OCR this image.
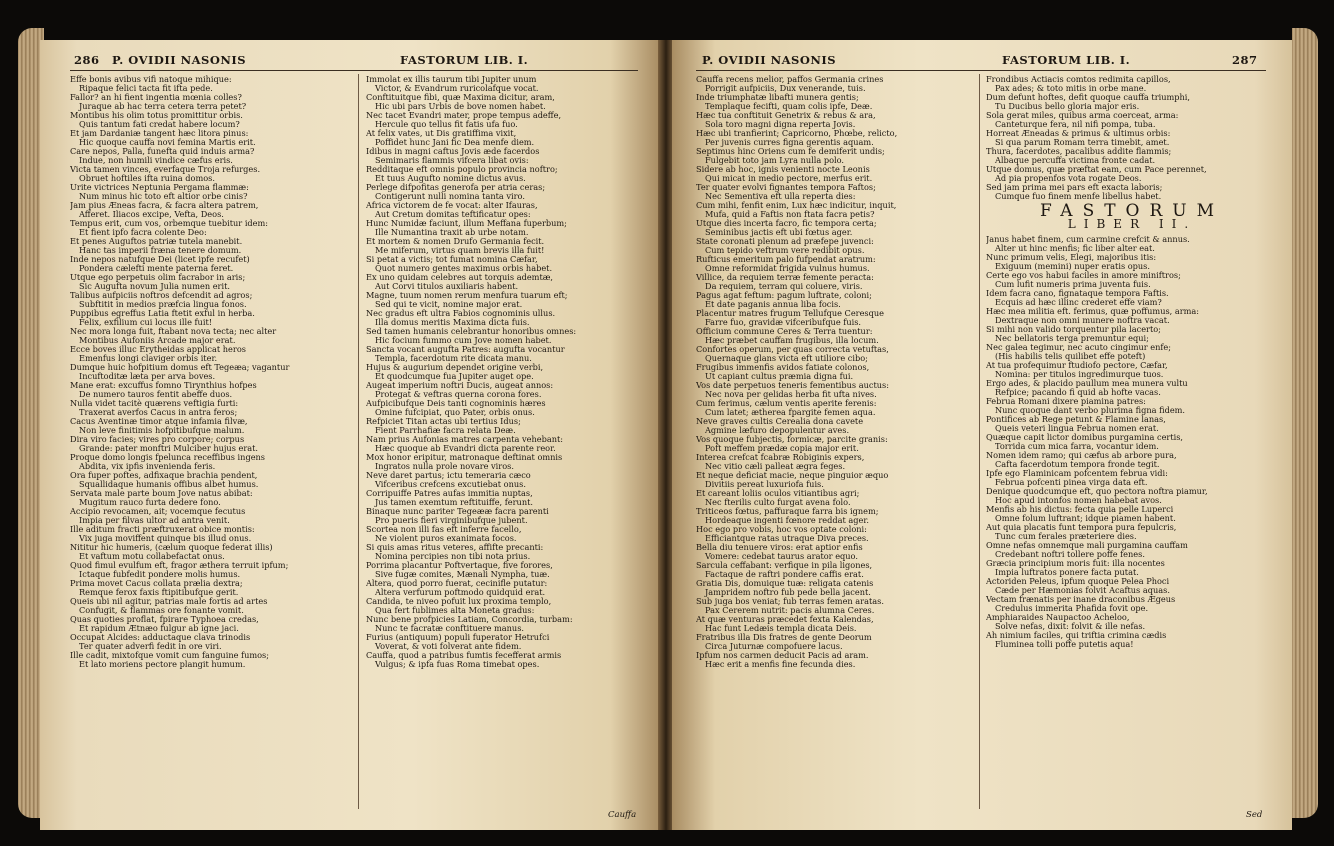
286 P. OVIDII NASONIS	FASTORUM LIB. I.
Effe bonis avibus vifi natoque mihique:
Ripaque felici tacta fit ifta pede.
Fallor? an hi fient ingentia mœnia colles?
Juraque ab hac terra cetera terra petet?
Montibus his olim totus promittitur orbis.
Quis tantum fati credat habere locum?
Et jam Dardaniæ tangent hæc litora pinus:
Hic quoque cauffa novi femina Martis erit.
Care nepos, Palla, funefta quid induis arma?
Indue, non humili vindice cæfus eris.
Victa tamen vinces, everfaque Troja refurges.
Obruet hoftiles ifta ruina domos.
Urite victrices Neptunia Pergama flammæ:
Num minus hic toto eft altior orbe cinis?
Jam pius Æneas facra, & facra altera patrem,
Afferet. Iliacos excipe, Vefta, Deos.
Tempus erit, cum vos, orbemque tuebitur idem:
Et fient ipfo facra colente Deo:
Et penes Auguftos patriæ tutela manebit.
Hanc tas imperii fræna tenere domum.
Inde nepos natufque Dei (licet ipfe recufet)
Pondera cælefti mente paterna feret.
Utque ego perpetuis olim facrabor in aris;
Sic Augufta novum Julia numen erit.
Talibus aufpiciis noftros defcendit ad agros;
Subftitit in medios præfcia lingua fonos.
Puppibus egreffus Latia ftetit exful in herba.
Felix, exfilium cui locus ille fuit!
Nec mora longa fuit, ftabant nova tecta; nec alter
Montibus Aufoniis Arcade major erat.
Ecce boves illuc Erytheidas applicat heros
Emenfus longi claviger orbis iter.
Dumque huic hofpitium domus eft Tegeæa; vagantur
Incuftoditæ læta per arva boves.
Mane erat: excuffus fomno Tirynthius hofpes
De numero tauros fentit abeffe duos.
Nulla videt tacitè quærens veftigia furti:
Traxerat averfos Cacus in antra feros;
Cacus Aventinæ timor atque infamia filvæ,
Non leve finitimis hofpitibufque malum.
Dira viro facies; vires pro corpore; corpus
Grande: pater monftri Mulciber hujus erat.
Proque domo longis fpelunca receffibus ingens
Abdita, vix ipfis invenienda feris.
Ora fuper poftes, adfixaque brachia pendent,
Squallidaque humanis offibus albet humus.
Servata male parte boum Jove natus abibat:
Mugitum rauco furta dedere fono.
Accipio revocamen, ait; vocemque fecutus
Impia per filvas ultor ad antra venit.
Ille aditum fracti præftruxerat obice montis:
Vix juga moviffent quinque bis illud onus.
Nititur hic humeris, (cælum quoque federat illis)
Et vaftum motu collabefactat onus.
Quod fimul evulfum eft, fragor æthera terruit ipfum;
Ictaque fubfedit pondere molis humus.
Prima movet Cacus collata prælia dextra;
Remque ferox faxis ftipitibufque gerit.
Queis ubi nil agitur, patrias male fortis ad artes
Confugit, & flammas ore fonante vomit.
Quas quoties proflat, fpirare Typhoea credas,
Et rapidum Ætnæo fulgur ab igne jaci.
Occupat Alcides: adductaque clava trinodis
Ter quater adverfi fedit in ore viri.
Ille cadit, mixtofque vomit cum fanguine fumos;
Et lato moriens pectore plangit humum.
Immolat ex illis taurum tibi Jupiter unum
Victor, & Evandrum ruricolafque vocat.
Conftituitque fibi, quæ Maxima dicitur, aram,
Hic ubi pars Urbis de bove nomen habet.
Nec tacet Evandri mater, prope tempus adeffe,
Hercule quo tellus fit fatis ufa fuo.
At felix vates, ut Dis gratiffima vixit,
Poffidet hunc Jani fic Dea menfe diem.
Idibus in magni caftus Jovis æde facerdos
Semimaris flammis vifcera libat ovis:
Redditaque eft omnis populo provincia noftro;
Et tuus Augufto nomine dictus avus.
Perlege difpofitas generofa per atria ceras;
Contigerunt nulli nomina tanta viro.
Africa victorem de fe vocat: alter Ifauras,
Aut Cretum domitas teftificatur opes:
Hunc Numidæ faciunt, illum Meffana fuperbum;
Ille Numantina traxit ab urbe notam.
Et mortem & nomen Drufo Germania fecit.
Me miferum, virtus quam brevis illa fuit!
Si petat a victis; tot fumat nomina Cæfar,
Quot numero gentes maximus orbis habet.
Ex uno quidam celebres aut torquis ademtæ,
Aut Corvi titulos auxiliaris habent.
Magne, tuum nomen rerum menfura tuarum eft;
Sed qui te vicit, nomine major erat.
Nec gradus eft ultra Fabios cognominis ullus.
Illa domus meritis Maxima dicta fuis.
Sed tamen humanis celebrantur honoribus omnes:
Hic focium fummo cum Jove nomen habet.
Sancta vocant augufta Patres: augufta vocantur
Templa, facerdotum rite dicata manu.
Hujus & augurium dependet origine verbi,
Et quodcumque fua Jupiter auget ope.
Augeat imperium noftri Ducis, augeat annos:
Protegat & veftras querna corona fores.
Aufpicibufque Deis tanti cognominis hæres
Omine fufcipiat, quo Pater, orbis onus.
Refpiciet Titan actas ubi tertius Idus;
Fient Parrhafiæ facra relata Deæ.
Nam prius Aufonias matres carpenta vehebant:
Hæc quoque ab Evandri dicta parente reor.
Mox honor eripitur, matronaque deftinat omnis
Ingratos nulla prole novare viros.
Neve daret partus; ictu temeraria cæco
Vifceribus crefcens excutiebat onus.
Corripuiffe Patres aufas immitia nuptas,
Jus tamen exemtum reftituiffe, ferunt.
Binaque nunc pariter Tegeææ facra parenti
Pro pueris fieri virginibufque jubent.
Scortea non illi fas eft inferre facello,
Ne violent puros exanimata focos.
Si quis amas ritus veteres, affifte precanti:
Nomina percipies non tibi nota prius.
Porrima placantur Poftvertaque, five forores,
Sive fugæ comites, Mænali Nympha, tuæ.
Altera, quod porro fuerat, cecinifle putatur:
Altera verfurum poftmodo quidquid erat.
Candida, te niveo pofuit lux proxima templo,
Qua fert fublimes alta Moneta gradus:
Nunc bene profpicies Latiam, Concordia, turbam:
Nunc te facratæ conftituere manus.
Furius (antiquum) populi fuperator Hetrufci
Voverat, & voti folverat ante fidem.
Cauffa, quod a patribus fumtis fecefferat armis
Vulgus; & ipfa fuas Roma timebat opes.
Cauffa
P. OVIDII NASONIS	FASTORUM LIB. I.	287
Cauffa recens melior, paffos Germania crines
Porrigit aufpiciis, Dux venerande, tuis.
Inde triumphatæ libafti munera gentis;
Templaque fecifti, quam colis ipfe, Deæ.
Hæc tua conftituit Genetrix & rebus & ara,
Sola toro magni digna reperta Jovis.
Hæc ubi tranfierint; Capricorno, Phœbe, relicto,
Per juvenis curres figna gerentis aquam.
Septimus hinc Oriens cum fe demiferit undis;
Fulgebit toto jam Lyra nulla polo.
Sidere ab hoc, ignis venienti nocte Leonis
Qui micat in medio pectore, merfus erit.
Ter quater evolvi fignantes tempora Faftos;
Nec Sementiva eft ulla reperta dies:
Cum mihi, fenfit enim, Lux hæc indicitur, inquit,
Mufa, quid a Faftis non ftata facra petis?
Utque dies incerta facro, fic tempora certa;
Seminibus jactis eft ubi fœtus ager.
State coronati plenum ad præfepe juvenci:
Cum tepido veftrum vere redibit opus.
Rufticus emeritum palo fufpendat aratrum:
Omne reformidat frigida vulnus humus.
Villice, da requiem terræ femente peracta:
Da requiem, terram qui coluere, viris.
Pagus agat feftum: pagum luftrate, coloni;
Et date paganis annua liba focis.
Placentur matres frugum Tellufque Ceresque
Farre fuo, gravidæ vifceribufque fuis.
Officium commune Ceres & Terra tuentur:
Hæc præbet cauffam frugibus, illa locum.
Confortes operum, per quas correcta vetuftas,
Quernaque glans victa eft utiliore cibo;
Frugibus immenfis avidos fatiate colonos,
Ut capiant cultus præmia digna fui.
Vos date perpetuos teneris fementibus auctus:
Nec nova per gelidas herba fit ufta nives.
Cum ferimus, cælum ventis aperite ferenis:
Cum latet; ætherea fpargite femen aqua.
Neve graves cultis Cerealia dona cavete
Agmine læfuro depopulentur aves.
Vos quoque fubjectis, formicæ, parcite granis:
Poft meffem prædæ copia major erit.
Interea crefcat fcabræ Robiginis expers,
Nec vitio cæli palleat ægra feges.
Et neque deficiat macie, neque pinguior æquo
Divitiis pereat luxuriofa fuis.
Et careant loliis oculos vitiantibus agri;
Nec fterilis culto furgat avena folo.
Triticeos fœtus, paffuraque farra bis ignem;
Hordeaque ingenti fœnore reddat ager.
Hoc ego pro vobis, hoc vos optate coloni:
Efficiantque ratas utraque Diva preces.
Bella diu tenuere viros: erat aptior enfis
Vomere: cedebat taurus arator equo.
Sarcula ceffabant: verfique in pila ligones,
Factaque de raftri pondere caffis erat.
Gratia Dis, domuique tuæ: religata catenis
Jampridem noftro fub pede bella jacent.
Sub juga bos veniat; fub terras femen aratas.
Pax Cererem nutrit: pacis alumna Ceres.
At quæ venturas præcedet fexta Kalendas,
Hac funt Ledæis templa dicata Deis.
Fratribus illa Dis fratres de gente Deorum
Circa Juturnæ compofuere lacus.
Ipfum nos carmen deducit Pacis ad aram.
Hæc erit a menfis fine fecunda dies.
Frondibus Actiacis comtos redimita capillos,
Pax ades; & toto mitis in orbe mane.
Dum defunt hoftes, defit quoque cauffa triumphi,
Tu Ducibus bello gloria major eris.
Sola gerat miles, quibus arma coerceat, arma:
Canteturque fera, nil nifi pompa, tuba.
Horreat Æneadas & primus & ultimus orbis:
Si qua parum Romam terra timebit, amet.
Thura, facerdotes, pacalibus addite flammis;
Albaque percuffa victima fronte cadat.
Utque domus, quæ præftat eam, cum Pace perennet,
Ad pia propenfos vota rogate Deos.
Sed jam prima mei pars eft exacta laboris;
Cumque fuo finem menfe libellus habet.
FASTORUM
LIBER II.
Janus habet finem, cum carmine crefcit & annus.
Alter ut hinc menfis; fic liber alter eat.
Nunc primum velis, Elegi, majoribus itis:
Exiguum (memini) nuper eratis opus.
Certe ego vos habui faciles in amore miniftros;
Cum lufit numeris prima juventa fuis.
Idem facra cano, fignataque tempora Faftis.
Ecquis ad hæc illinc crederet effe viam?
Hæc mea militia eft. ferimus, quæ poffumus, arma:
Dextraque non omni munere noftra vacat.
Si mihi non valido torquentur pila lacerto;
Nec bellatoris terga premuntur equi;
Nec galea tegimur, nec acuto cingimur enfe;
(His habilis telis quilibet effe poteft)
At tua profequimur ftudiofo pectore, Cæfar,
Nomina: per titulos ingredimurque tuos.
Ergo ades, & placido paullum mea munera vultu
Refpice; pacando fi quid ab hofte vacas.
Februa Romani dixere piamina patres:
Nunc quoque dant verbo plurima figna fidem.
Pontifices ab Rege petunt & Flamine lanas,
Queis veteri lingua Februa nomen erat.
Quæque capit lictor domibus purgamina certis,
Torrida cum mica farra, vocantur idem.
Nomen idem ramo; qui cæfus ab arbore pura,
Cafta facerdotum tempora fronde tegit.
Ipfe ego Flaminicam pofcentem februa vidi:
Februa pofcenti pinea virga data eft.
Denique quodcumque eft, quo pectora noftra piamur,
Hoc apud intonfos nomen habebat avos.
Menfis ab his dictus: fecta quia pelle Luperci
Omne folum luftrant; idque piamen habent.
Aut quia placatis funt tempora pura fepulcris,
Tunc cum ferales præteriere dies.
Omne nefas omnemque mali purgamina cauffam
Credebant noftri tollere poffe fenes.
Græcia principium moris fuit: illa nocentes
Impia luftratos ponere facta putat.
Actoriden Peleus, ipfum quoque Pelea Phoci
Cæde per Hæmonias folvit Acaftus aquas.
Vectam frænatis per inane draconibus Ægeus
Credulus immerita Phafida fovit ope.
Amphiaraides Naupactoo Acheloo,
Solve nefas, dixit: folvit & ille nefas.
Ah nimium faciles, qui triftia crimina cædis
Fluminea tolli poffe putetis aqua!
Sed
